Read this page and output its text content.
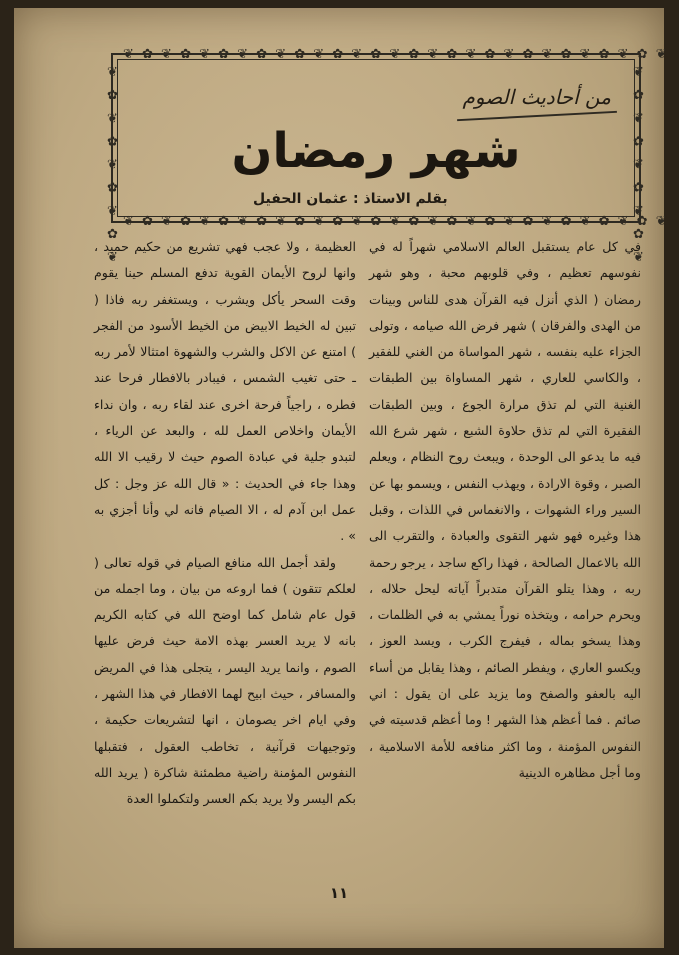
❦ ✿ ❦ ✿ ❦ ✿ ❦ ✿ ❦ ✿ ❦ ✿ ❦ ✿ ❦ ✿ ❦ ✿ ❦ ✿ ❦ ✿ ❦ ✿ ❦ ✿ ❦ ✿ ❦
❦ ✿ ❦ ✿ ❦ ✿ ❦ ✿ ❦ ✿ ❦ ✿ ❦ ✿ ❦ ✿ ❦ ✿ ❦ ✿ ❦ ✿ ❦ ✿ ❦ ✿ ❦ ✿ ❦
❦ ✿ ❦ ✿ ❦ ✿ ❦ ✿ ❦	❦ ✿ ❦ ✿ ❦ ✿ ❦ ✿ ❦
من أحاديث الصوم
شهر رمضان
بقلم الاستاذ : عثمان الحفيل

في كل عام يستقبل العالم الاسلامي شهراً له في نفوسهم تعظيم ، وفي قلوبهم محبة ، وهو شهر رمضان ( الذي أنزل فيه القرآن هدى للناس وبينات من الهدى والفرقان ) شهر فرض الله صيامه ، وتولى الجزاء عليه بنفسه ، شهر المواساة من الغني للفقير ، والكاسي للعاري ، شهر المساواة بين الطبقات الغنية التي لم تذق مرارة الجوع ، وبين الطبقات الفقيرة التي لم تذق حلاوة الشبع ، شهر شرع الله فيه ما يدعو الى الوحدة ، ويبعث روح النظام ، ويعلم الصبر ، وقوة الارادة ، ويهذب النفس ، ويسمو بها عن السير وراء الشهوات ، والانغماس في اللذات ، وقبل هذا وغيره فهو شهر التقوى والعبادة ، والتقرب الى الله بالاعمال الصالحة ، فهذا راكع ساجد ، يرجو رحمة ربه ، وهذا يتلو القرآن متدبراً آياته ليحل حلاله ، ويحرم حرامه ، ويتخذه نوراً يمشي به في الظلمات ، وهذا يسخو بماله ، فيفرج الكرب ، ويسد العوز ، ويكسو العاري ، ويفطر الصائم ، وهذا يقابل من أساء اليه بالعفو والصفح وما يزيد على ان يقول : اني صائم . فما أعظم هذا الشهر ! وما أعظم قدسيته في النفوس المؤمنة ، وما اكثر منافعه للأمة الاسلامية ، وما أجل مظاهره الدينية

العظيمة ، ولا عجب فهي تشريع من حكيم حميد ، وانها لروح الأيمان القوية تدفع المسلم حينا يقوم وقت السحر يأكل ويشرب ، ويستغفر ربه فاذا ( تبين له الخيط الابيض من الخيط الأسود من الفجر ) امتنع عن الاكل والشرب والشهوة امتثالا لأمر ربه ـ حتى تغيب الشمس ، فيبادر بالافطار فرحا عند فطره ، راجياً فرحة اخرى عند لقاء ربه ، وان نداء الأيمان واخلاص العمل لله ، والبعد عن الرياء ، لتبدو جلية في عبادة الصوم حيث لا رقيب الا الله وهذا جاء في الحديث : « قال الله عز وجل : كل عمل ابن آدم له ، الا الصيام فانه لي وأنا أجزي به » .

ولقد أجمل الله منافع الصيام في قوله تعالى ( لعلكم تتقون ) فما اروعه من بيان ، وما اجمله من قول عام شامل كما اوضح الله في كتابه الكريم بانه لا يريد العسر بهذه الامة حيث فرض عليها الصوم ، وانما يريد اليسر ، يتجلى هذا في المريض والمسافر ، حيث ابيح لهما الافطار في هذا الشهر ، وفي ايام اخر يصومان ، انها لتشريعات حكيمة ، وتوجيهات قرآنية ، تخاطب العقول ، فتقبلها النفوس المؤمنة راضية مطمئنة شاكرة ( يريد الله بكم اليسر ولا يريد بكم العسر ولتكملوا العدة

١١
